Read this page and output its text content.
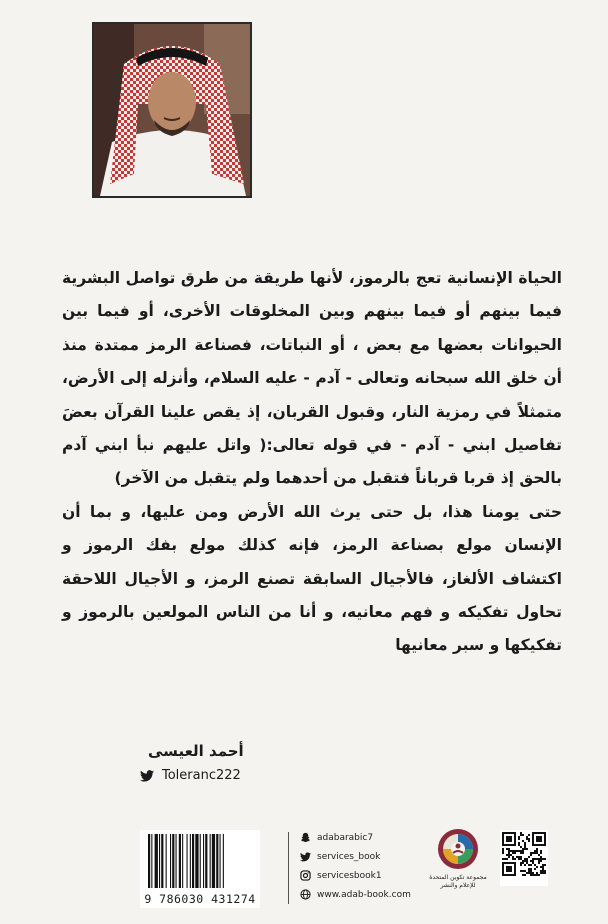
الحياة الإنسانية تعج بالرموز، لأنها طريقة من طرق تواصل البشرية فيما بينهم أو فيما بينهم وبين المخلوقات الأخرى، أو فيما بين الحيوانات بعضها مع بعض ، أو النباتات، فصناعة الرمز ممتدة منذ أن خلق الله سبحانه وتعالى - آدم - عليه السلام، وأنزله إلى الأرض، متمثلاً في رمزية النار، وقبول القربان، إذ يقص علينا القرآن بعضَ تفاصيل ابني - آدم - في قوله تعالى:( واتل عليهم نبأ ابني آدم بالحق إذ قربا قرباناً فتقبل من أحدهما ولم يتقبل من الآخر)

حتى يومنا هذا، بل حتى يرث الله الأرض ومن عليها، و بما أن الإنسان مولع بصناعة الرمز، فإنه كذلك مولع بفك الرموز و اكتشاف الألغاز، فالأجيال السابقة تصنع الرمز، و الأجيال اللاحقة تحاول تفكيكه و فهم معانيه، و أنا من الناس المولعين بالرموز و تفكيكها و سبر معانيها

أحمد العيسى
Toleranc222
9 786030 431274
adabarabic7
services_book
servicesbook1
www.adab-book.com
مجموعة تكوين المتحدة
للإعلام والنشر
